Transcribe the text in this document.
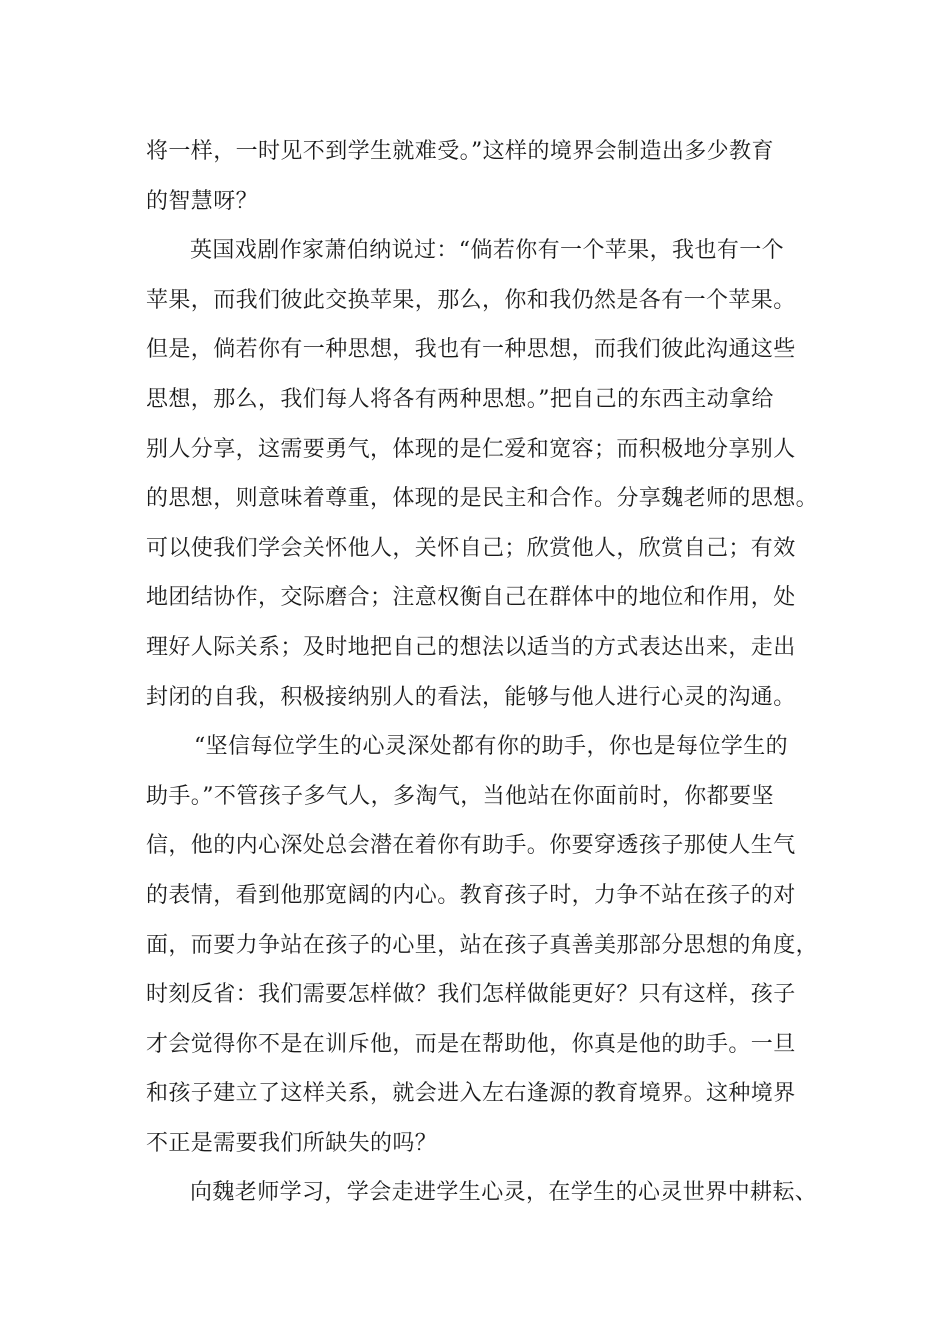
将一样，一时见不到学生就难受。”这样的境界会制造出多少教育
的智慧呀？
英国戏剧作家萧伯纳说过：“倘若你有一个苹果，我也有一个
苹果，而我们彼此交换苹果，那么，你和我仍然是各有一个苹果。
但是，倘若你有一种思想，我也有一种思想，而我们彼此沟通这些
思想，那么，我们每人将各有两种思想。”把自己的东西主动拿给
别人分享，这需要勇气，体现的是仁爱和宽容；而积极地分享别人
的思想，则意味着尊重，体现的是民主和合作。分享魏老师的思想。
可以使我们学会关怀他人，关怀自己；欣赏他人，欣赏自己；有效
地团结协作，交际磨合；注意权衡自己在群体中的地位和作用，处
理好人际关系；及时地把自己的想法以适当的方式表达出来，走出
封闭的自我，积极接纳别人的看法，能够与他人进行心灵的沟通。
“坚信每位学生的心灵深处都有你的助手，你也是每位学生的
助手。”不管孩子多气人，多淘气，当他站在你面前时，你都要坚
信，他的内心深处总会潜在着你有助手。你要穿透孩子那使人生气
的表情，看到他那宽阔的内心。教育孩子时，力争不站在孩子的对
面，而要力争站在孩子的心里，站在孩子真善美那部分思想的角度，
时刻反省：我们需要怎样做？我们怎样做能更好？只有这样，孩子
才会觉得你不是在训斥他，而是在帮助他，你真是他的助手。一旦
和孩子建立了这样关系，就会进入左右逢源的教育境界。这种境界
不正是需要我们所缺失的吗？
向魏老师学习，学会走进学生心灵，在学生的心灵世界中耕耘、
